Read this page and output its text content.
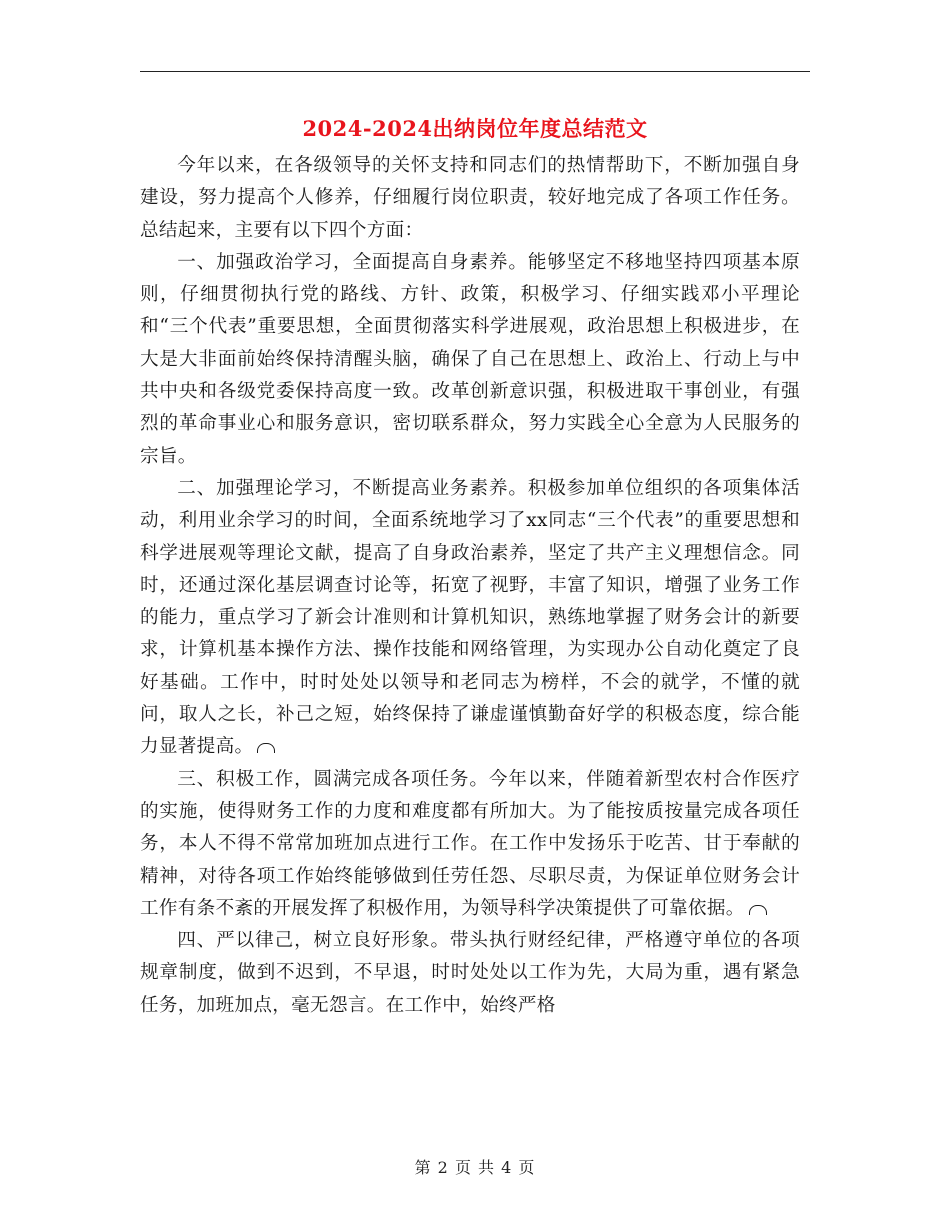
2024-2024出纳岗位年度总结范文

今年以来，在各级领导的关怀支持和同志们的热情帮助下，不断加强自身建设，努力提高个人修养，仔细履行岗位职责，较好地完成了各项工作任务。总结起来，主要有以下四个方面：

一、加强政治学习，全面提高自身素养。能够坚定不移地坚持四项基本原则，仔细贯彻执行党的路线、方针、政策，积极学习、仔细实践邓小平理论和“三个代表”重要思想，全面贯彻落实科学进展观，政治思想上积极进步，在大是大非面前始终保持清醒头脑，确保了自己在思想上、政治上、行动上与中共中央和各级党委保持高度一致。改革创新意识强，积极进取干事创业，有强烈的革命事业心和服务意识，密切联系群众，努力实践全心全意为人民服务的宗旨。

二、加强理论学习，不断提高业务素养。积极参加单位组织的各项集体活动，利用业余学习的时间，全面系统地学习了xx同志“三个代表”的重要思想和科学进展观等理论文献，提高了自身政治素养，坚定了共产主义理想信念。同时，还通过深化基层调查讨论等，拓宽了视野，丰富了知识，增强了业务工作的能力，重点学习了新会计准则和计算机知识，熟练地掌握了财务会计的新要求，计算机基本操作方法、操作技能和网络管理，为实现办公自动化奠定了良好基础。工作中，时时处处以领导和老同志为榜样，不会的就学，不懂的就问，取人之长，补己之短，始终保持了谦虚谨慎勤奋好学的积极态度，综合能力显著提高。

三、积极工作，圆满完成各项任务。今年以来，伴随着新型农村合作医疗的实施，使得财务工作的力度和难度都有所加大。为了能按质按量完成各项任务，本人不得不常常加班加点进行工作。在工作中发扬乐于吃苦、甘于奉献的精神，对待各项工作始终能够做到任劳任怨、尽职尽责，为保证单位财务会计工作有条不紊的开展发挥了积极作用，为领导科学决策提供了可靠依据。

四、严以律己，树立良好形象。带头执行财经纪律，严格遵守单位的各项规章制度，做到不迟到，不早退，时时处处以工作为先，大局为重，遇有紧急任务，加班加点，毫无怨言。在工作中，始终严格

第 2 页 共 4 页
